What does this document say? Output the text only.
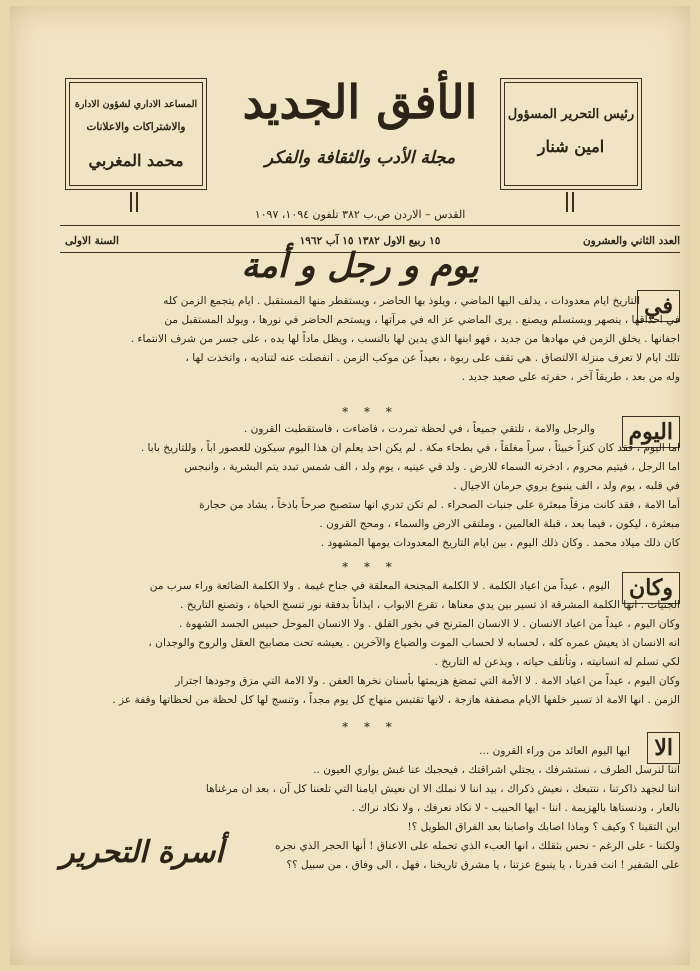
رئيس التحرير المسؤول
امين شنار
المساعد الاداري لشؤون الادارة
والاشتراكات والاعلانات
محمد المغربي
الأفق الجديد
مجلة الأدب والثقافة والفكر
القدس – الاردن ص.ب ٣٨٢ تلفون ١٠٩٤، ١٠٩٧
العدد الثاني والعشرون
١٥ ربيع الاول ١٣٨٢ ١٥ آب ١٩٦٢
السنة الاولى
يوم و رجل و أمة
في
التاريخ ايام معدودات ، يدلف اليها الماضي ، ويلوذ بها الحاضر ، ويستقطر منها المستقبل . ايام يتجمع الزمن كله
في احداقها ، ينصهر ويستسلم ويصنع . يرى الماضي عز اله في مرآتها ، ويستحم الحاضر في نورها ، ويولد المستقبل من
اجفانها . يخلق الزمن في مهادها من جديد ، فهو ابنها الذي يدين لها بالنسب ، ويظل ماداً لها يده ، على جسر من شرف الانتماء .
تلك ايام لا تعرف منزلة الالتصاق . هي تقف على ربوة ، بعيداً عن موكب الزمن . انفصلت عنه لتناديه ، واتخذت لها ،
وله من بعد ، طريقاً آخر ، حفرته على صعيد جديد .
* * *
اليوم
والرجل والامة ، تلتقي جميعاً ، في لحظة تمردت ، فاضاءت ، فاستقطبت القرون .
اما اليوم ، فقد كان كنزاً خبيئاً ، سراً مغلقاً ، في بطحاء مكة . لم يكن احد يعلم ان هذا اليوم سيكون للعصور اباً ، وللتاريخ بابا .
اما الرجل ، فيتيم محروم ، ادخرته السماء للارض . ولد في عينيه ، يوم ولد ، الف شمس تبدد يتم البشرية ، وانبجس
في قلبه ، يوم ولد ، الف ينبوع يروي حرمان الاجيال .
أما الامة ، فقد كانت مزقاً مبعثرة على جنبات الصحراء . لم تكن تدري انها ستصبح صرحاً باذخاً ، يشاد من حجارة
مبعثرة ، ليكون ، فيما بعد ، قبلة العالمين ، وملتقى الارض والسماء ، ومحج القرون .
كان ذلك ميلاد محمد . وكان ذلك اليوم ، بين ايام التاريخ المعدودات يومها المشهود .
* * *
وكان
اليوم ، عيداً من اعياد الكلمة . لا الكلمة المجنحة المعلقة في جناح غيمة . ولا الكلمة الضائعة وراء سرب من
الجنيات . انها الكلمة المشرقة اذ تسير بين يدي معناها ، تقرع الابواب ، ايذاناً بدفقة نور تنسج الحياة ، وتصنع التاريخ .
وكان اليوم ، عيداً من اعياد الانسان . لا الانسان المترنح في بخور القلق . ولا الانسان الموحل حبيس الجسد الشهوة .
انه الانسان اذ يعيش عمره كله ، لحسابه لا لحساب الموت والضياع والآخرين . يعيشه تحت مصابيح العقل والروح والوجدان ،
لكي تسلم له انسانيته ، وتأتلف حياته ، ويذعن له التاريخ .
وكان اليوم ، عيداً من اعياد الامة . لا الأمة التي تمضغ هزيمتها بأسنان نخرها العفن . ولا الامة التي مزق وجودها اجترار
الزمن . انها الامة اذ تسير خلفها الايام مصفقة هازجة ، لانها تقتبس منهاج كل يوم مجداً ، وتنسج لها كل لحظة من لحظاتها وقفة عز .
* * *
الا
ايها اليوم العائد من وراء القرون ...
اننا لنرسل الطرف ، نستشرفك ، يجتلي اشراقتك ، فيحجبك عنا غبش يواري العيون ..
اننا لنجهد ذاكرتنا ، نتتبعك ، نعيش ذكراك ، بيد اننا لا نملك الا ان نعيش ايامنا التي تلعننا كل آن ، بعد ان مرغناها
بالعار ، ودنسناها بالهزيمة . اننا - ايها الحبيب - لا نكاد نعرفك ، ولا نكاد نراك .
اين التقينا ؟ وكيف ؟ وماذا اصابك واصابنا بعد الفراق الطويل ؟!
ولكننا - على الرغم - نحس بثقلك ، انها العبء الذي تحمله على الاعناق ! أنها الحجر الذي نجره
على الشفير ! انت قدرنا ، يا ينبوع عزتنا ، يا مشرق تاريخنا ، فهل ، الى وفاق ، من سبيل ؟؟
أسرة التحرير
